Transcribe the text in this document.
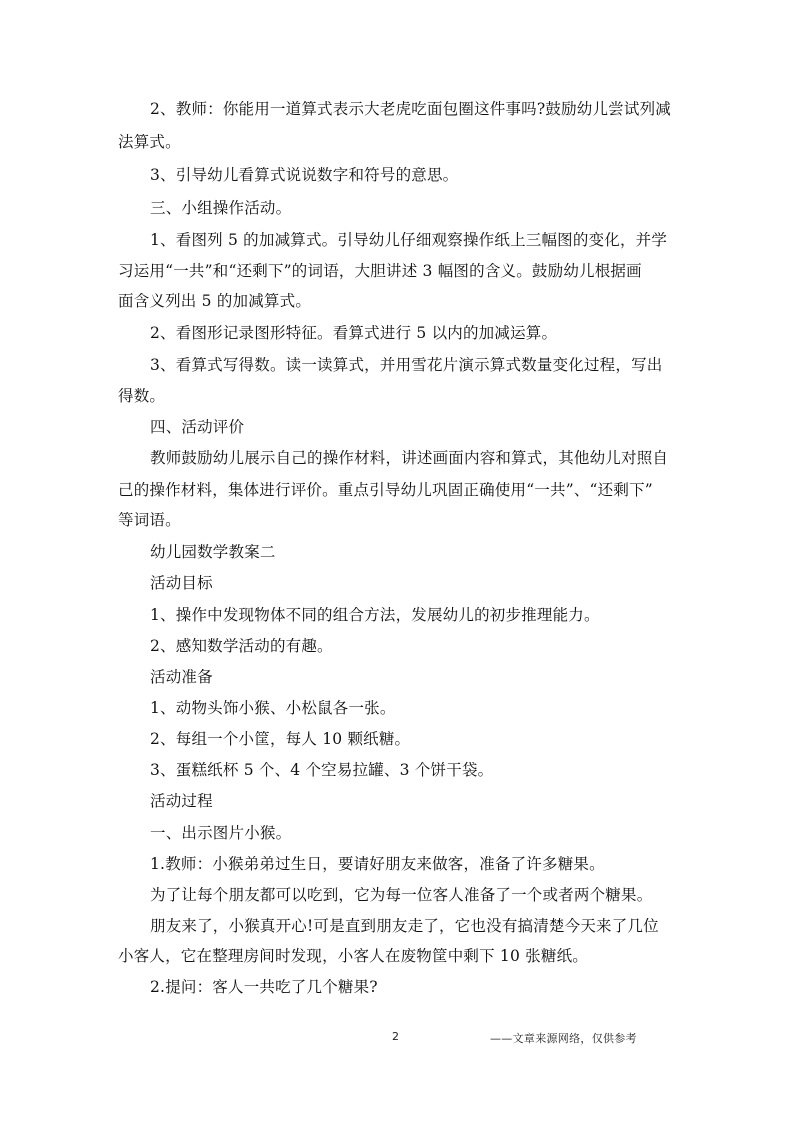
2、教师：你能用一道算式表示大老虎吃面包圈这件事吗?鼓励幼儿尝试列减
法算式。
3、引导幼儿看算式说说数字和符号的意思。
三、小组操作活动。
1、看图列 5 的加减算式。引导幼儿仔细观察操作纸上三幅图的变化，并学
习运用“一共”和“还剩下”的词语，大胆讲述 3 幅图的含义。鼓励幼儿根据画
面含义列出 5 的加减算式。
2、看图形记录图形特征。看算式进行 5 以内的加减运算。
3、看算式写得数。读一读算式，并用雪花片演示算式数量变化过程，写出
得数。
四、活动评价
教师鼓励幼儿展示自己的操作材料，讲述画面内容和算式，其他幼儿对照自
己的操作材料，集体进行评价。重点引导幼儿巩固正确使用“一共”、“还剩下”
等词语。
幼儿园数学教案二
活动目标
1、操作中发现物体不同的组合方法，发展幼儿的初步推理能力。
2、感知数学活动的有趣。
活动准备
1、动物头饰小猴、小松鼠各一张。
2、每组一个小筐，每人 10 颗纸糖。
3、蛋糕纸杯 5 个、4 个空易拉罐、3 个饼干袋。
活动过程
一、出示图片小猴。
1.教师：小猴弟弟过生日，要请好朋友来做客，准备了许多糖果。
为了让每个朋友都可以吃到，它为每一位客人准备了一个或者两个糖果。
朋友来了，小猴真开心!可是直到朋友走了，它也没有搞清楚今天来了几位
小客人，它在整理房间时发现，小客人在废物筐中剩下 10 张糖纸。
2.提问：客人一共吃了几个糖果?
2	——文章来源网络，仅供参考
